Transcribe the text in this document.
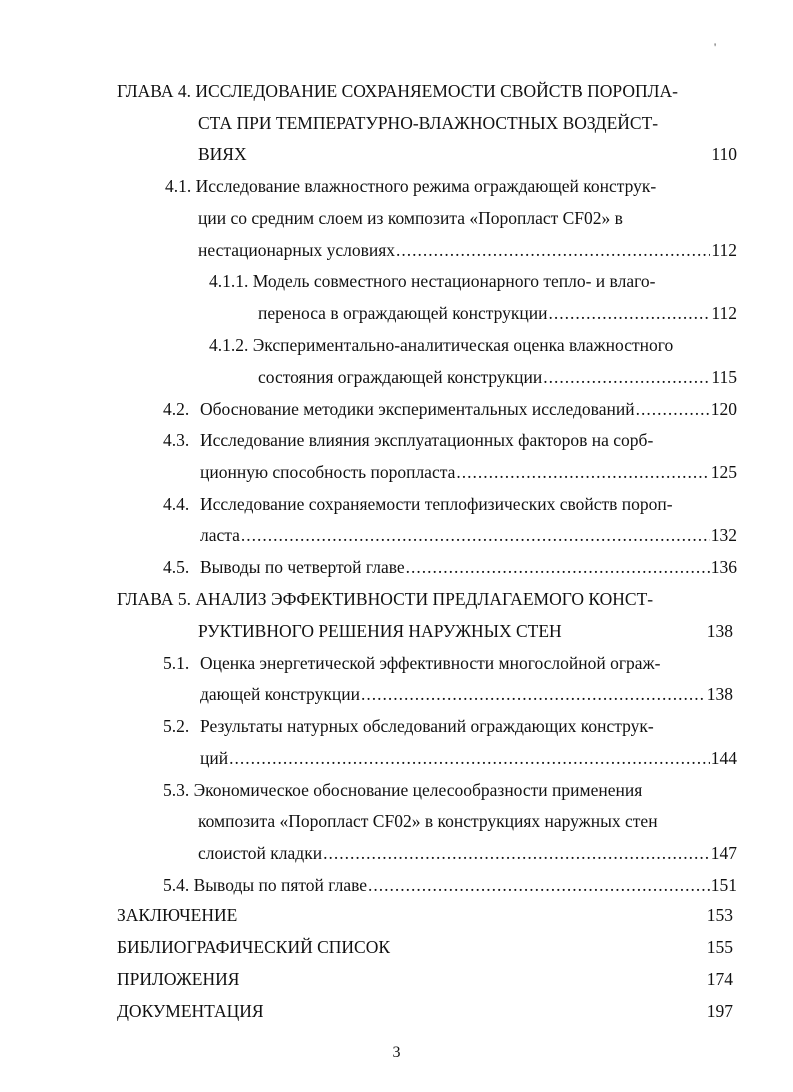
'
ГЛАВА 4. ИССЛЕДОВАНИЕ СОХРАНЯЕМОСТИ СВОЙСТВ ПОРОПЛА-
СТА ПРИ ТЕМПЕРАТУРНО-ВЛАЖНОСТНЫХ ВОЗДЕЙСТ-
ВИЯХ	110
4.1. Исследование влажностного режима ограждающей конструк-
ции со средним слоем из композита «Поропласт CF02» в
нестационарных условиях .....	112
4.1.1. Модель совместного нестационарного тепло- и влаго-
переноса в ограждающей конструкции .....	112
4.1.2. Экспериментально-аналитическая оценка влажностного
состояния ограждающей конструкции .....	115
4.2. Обоснование методики экспериментальных исследований .....	120
4.3. Исследование влияния эксплуатационных факторов на сорб-
ционную способность поропласта .....	125
4.4. Исследование сохраняемости теплофизических свойств пороп-
ласта .....	132
4.5. Выводы по четвертой главе .....	136
ГЛАВА 5. АНАЛИЗ ЭФФЕКТИВНОСТИ ПРЕДЛАГАЕМОГО КОНСТ-
РУКТИВНОГО РЕШЕНИЯ НАРУЖНЫХ СТЕН	138
5.1. Оценка энергетической эффективности многослойной ограж-
дающей конструкции .....	138
5.2. Результаты натурных обследований ограждающих конструк-
ций .....	144
5.3. Экономическое обоснование целесообразности применения
композита «Поропласт CF02» в конструкциях наружных стен
слоистой кладки .....	147
5.4. Выводы по пятой главе .....	151
ЗАКЛЮЧЕНИЕ	153
БИБЛИОГРАФИЧЕСКИЙ СПИСОК	155
ПРИЛОЖЕНИЯ	174
ДОКУМЕНТАЦИЯ	197
3
